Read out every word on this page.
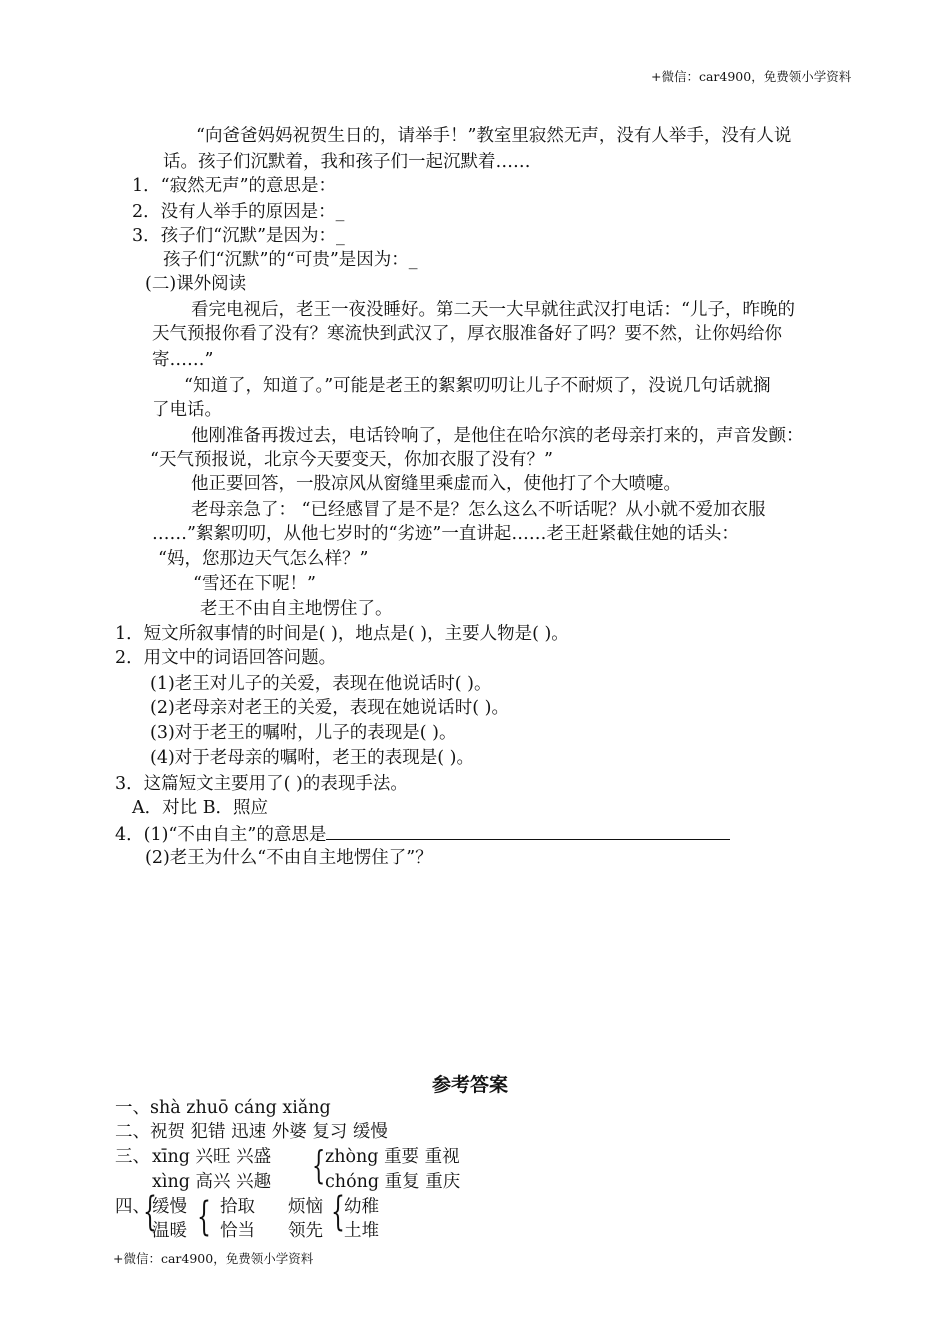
+微信：car4900，免费领小学资料
“向爸爸妈妈祝贺生日的，请举手！”教室里寂然无声，没有人举手，没有人说
话。孩子们沉默着，我和孩子们一起沉默着……
1．“寂然无声”的意思是：
2．没有人举手的原因是：_
3．孩子们“沉默”是因为：_
孩子们“沉默”的“可贵”是因为：_
(二)课外阅读
看完电视后，老王一夜没睡好。第二天一大早就往武汉打电话：“儿子，昨晚的
天气预报你看了没有？寒流快到武汉了，厚衣服准备好了吗？要不然，让你妈给你
寄……”
“知道了，知道了。”可能是老王的絮絮叨叨让儿子不耐烦了，没说几句话就搁
了电话。
他刚准备再拨过去，电话铃响了，是他住在哈尔滨的老母亲打来的，声音发颤：
“天气预报说，北京今天要变天，你加衣服了没有？”
他正要回答，一股凉风从窗缝里乘虚而入，使他打了个大喷嚏。
老母亲急了： “已经感冒了是不是？怎么这么不听话呢？从小就不爱加衣服
……”絮絮叨叨，从他七岁时的“劣迹”一直讲起……老王赶紧截住她的话头：
“妈，您那边天气怎么样？”
“雪还在下呢！”
老王不由自主地愣住了。
1．短文所叙事情的时间是( )，地点是( )，主要人物是( )。
2．用文中的词语回答问题。
(1)老王对儿子的关爱，表现在他说话时( )。
(2)老母亲对老王的关爱，表现在她说话时( )。
(3)对于老王的嘱咐，儿子的表现是( )。
(4)对于老母亲的嘱咐，老王的表现是( )。
3．这篇短文主要用了( )的表现手法。
A．对比 B．照应
4．(1)“不由自主”的意思是
(2)老王为什么“不由自主地愣住了”？
参考答案
一、shà zhuō cáng xiǎng
二、祝贺 犯错 迅速 外婆 复习 缓慢
三、 xīng 兴旺 兴盛
xìng 高兴 兴趣 { zhòng 重要 重视
chóng 重复 重庆
四、
{
缓慢
温暖 { 拾取
恰当
烦恼
领先 { 幼稚
土堆
+微信：car4900，免费领小学资料
